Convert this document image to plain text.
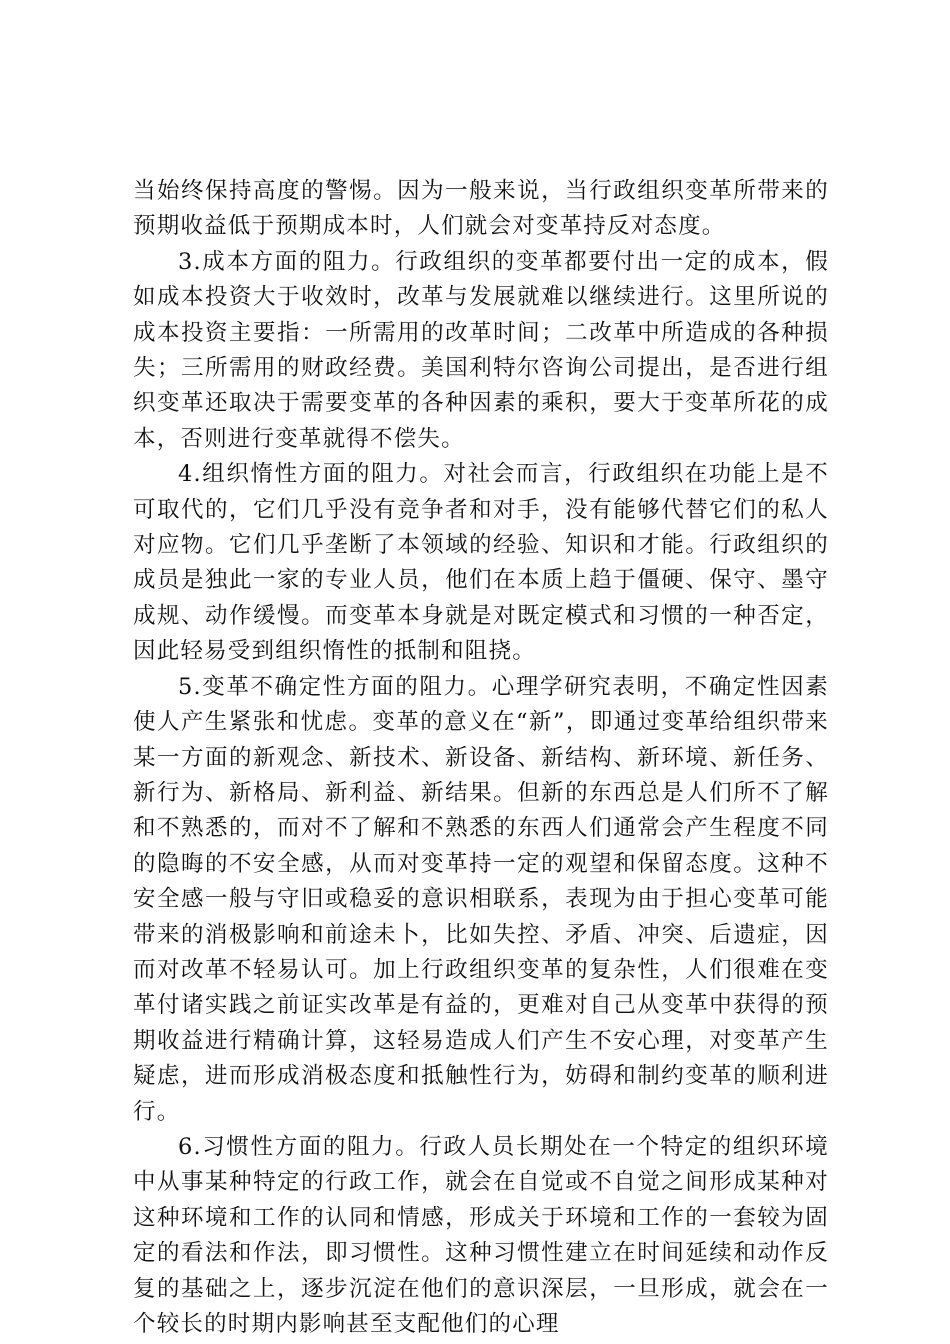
当始终保持高度的警惕。因为一般来说，当行政组织变革所带来的预期收益低于预期成本时，人们就会对变革持反对态度。

3.成本方面的阻力。行政组织的变革都要付出一定的成本，假如成本投资大于收效时，改革与发展就难以继续进行。这里所说的成本投资主要指：一所需用的改革时间；二改革中所造成的各种损失；三所需用的财政经费。美国利特尔咨询公司提出，是否进行组织变革还取决于需要变革的各种因素的乘积，要大于变革所花的成本，否则进行变革就得不偿失。

4.组织惰性方面的阻力。对社会而言，行政组织在功能上是不可取代的，它们几乎没有竞争者和对手，没有能够代替它们的私人对应物。它们几乎垄断了本领域的经验、知识和才能。行政组织的成员是独此一家的专业人员，他们在本质上趋于僵硬、保守、墨守成规、动作缓慢。而变革本身就是对既定模式和习惯的一种否定，因此轻易受到组织惰性的抵制和阻挠。

5.变革不确定性方面的阻力。心理学研究表明，不确定性因素使人产生紧张和忧虑。变革的意义在“新”，即通过变革给组织带来某一方面的新观念、新技术、新设备、新结构、新环境、新任务、新行为、新格局、新利益、新结果。但新的东西总是人们所不了解和不熟悉的，而对不了解和不熟悉的东西人们通常会产生程度不同的隐晦的不安全感，从而对变革持一定的观望和保留态度。这种不安全感一般与守旧或稳妥的意识相联系，表现为由于担心变革可能带来的消极影响和前途未卜，比如失控、矛盾、冲突、后遗症，因而对改革不轻易认可。加上行政组织变革的复杂性，人们很难在变革付诸实践之前证实改革是有益的，更难对自己从变革中获得的预期收益进行精确计算，这轻易造成人们产生不安心理，对变革产生疑虑，进而形成消极态度和抵触性行为，妨碍和制约变革的顺利进行。

6.习惯性方面的阻力。行政人员长期处在一个特定的组织环境中从事某种特定的行政工作，就会在自觉或不自觉之间形成某种对这种环境和工作的认同和情感，形成关于环境和工作的一套较为固定的看法和作法，即习惯性。这种习惯性建立在时间延续和动作反复的基础之上，逐步沉淀在他们的意识深层，一旦形成，就会在一个较长的时期内影响甚至支配他们的心理
